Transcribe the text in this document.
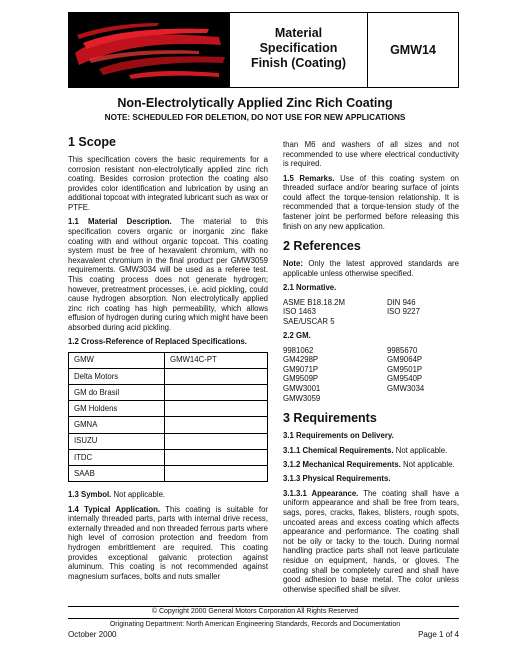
Material
Specification
Finish (Coating)
GMW14
Non-Electrolytically Applied Zinc Rich Coating
NOTE: SCHEDULED FOR DELETION, DO NOT USE FOR NEW APPLICATIONS
1 Scope

This specification covers the basic requirements for a corrosion resistant non-electrolytically applied zinc rich coating. Besides corrosion protection the coating also provides color identification and lubrication by using an additional topcoat with integrated lubricant such as wax or PTFE.

1.1 Material Description. The material to this specification covers organic or inorganic zinc flake coating with and without organic topcoat. This coating system must be free of hexavalent chromium, with no hexavalent chromium in the final product per GMW3059 requirements. GMW3034 will be used as a referee test. This coating process does not generate hydrogen; however, pretreatment processes, i.e. acid pickling, could cause hydrogen absorption. Non electrolytically applied zinc rich coating has high permeability, which allows effusion of hydrogen during curing which might have been absorbed during acid pickling.

1.2 Cross-Reference of Replaced Specifications.
GMW	GMW14C-PT
Delta Motors	
GM do Brasil	
GM Holdens	
GMNA	
ISUZU	
ITDC	
SAAB	

1.3 Symbol. Not applicable.

1.4 Typical Application. This coating is suitable for internally threaded parts, parts with internal drive recess, externally threaded and non threaded ferrous parts where high level of corrosion protection and freedom from hydrogen embrittlement are required. This coating provides exceptional galvanic protection against aluminum. This coating is not recommended against magnesium surfaces, bolts and nuts smaller

than M6 and washers of all sizes and not recommended to use where electrical conductivity is required.

1.5 Remarks. Use of this coating system on threaded surface and/or bearing surface of joints could affect the torque-tension relationship. It is recommended that a torque-tension study of the fastener joint be performed before releasing this finish on any new application.

2 References

Note: Only the latest approved standards are applicable unless otherwise specified.

2.1 Normative.
ASME B18.18.2M	DIN 946
ISO 1463	ISO 9227
SAE/USCAR 5
2.2 GM.
9981062	9985670
GM4298P	GM9064P
GM9071P	GM9501P
GM9509P	GM9540P
GMW3001	GMW3034
GMW3059
3 Requirements
3.1 Requirements on Delivery.

3.1.1 Chemical Requirements. Not applicable.

3.1.2 Mechanical Requirements. Not applicable.

3.1.3 Physical Requirements.

3.1.3.1 Appearance. The coating shall have a uniform appearance and shall be free from tears, sags, pores, cracks, flakes, blisters, rough spots, uncoated areas and excess coating which affects appearance and performance. The coating shall not be oily or tacky to the touch. During normal handling practice parts shall not leave particulate residue on equipment, hands, or gloves. The coating shall be completely cured and shall have good adhesion to base metal. The color unless otherwise specified shall be silver.

© Copyright 2000 General Motors Corporation All Rights Reserved
Originating Department: North American Engineering Standards, Records and Documentation
October 2000	Page 1 of 4
